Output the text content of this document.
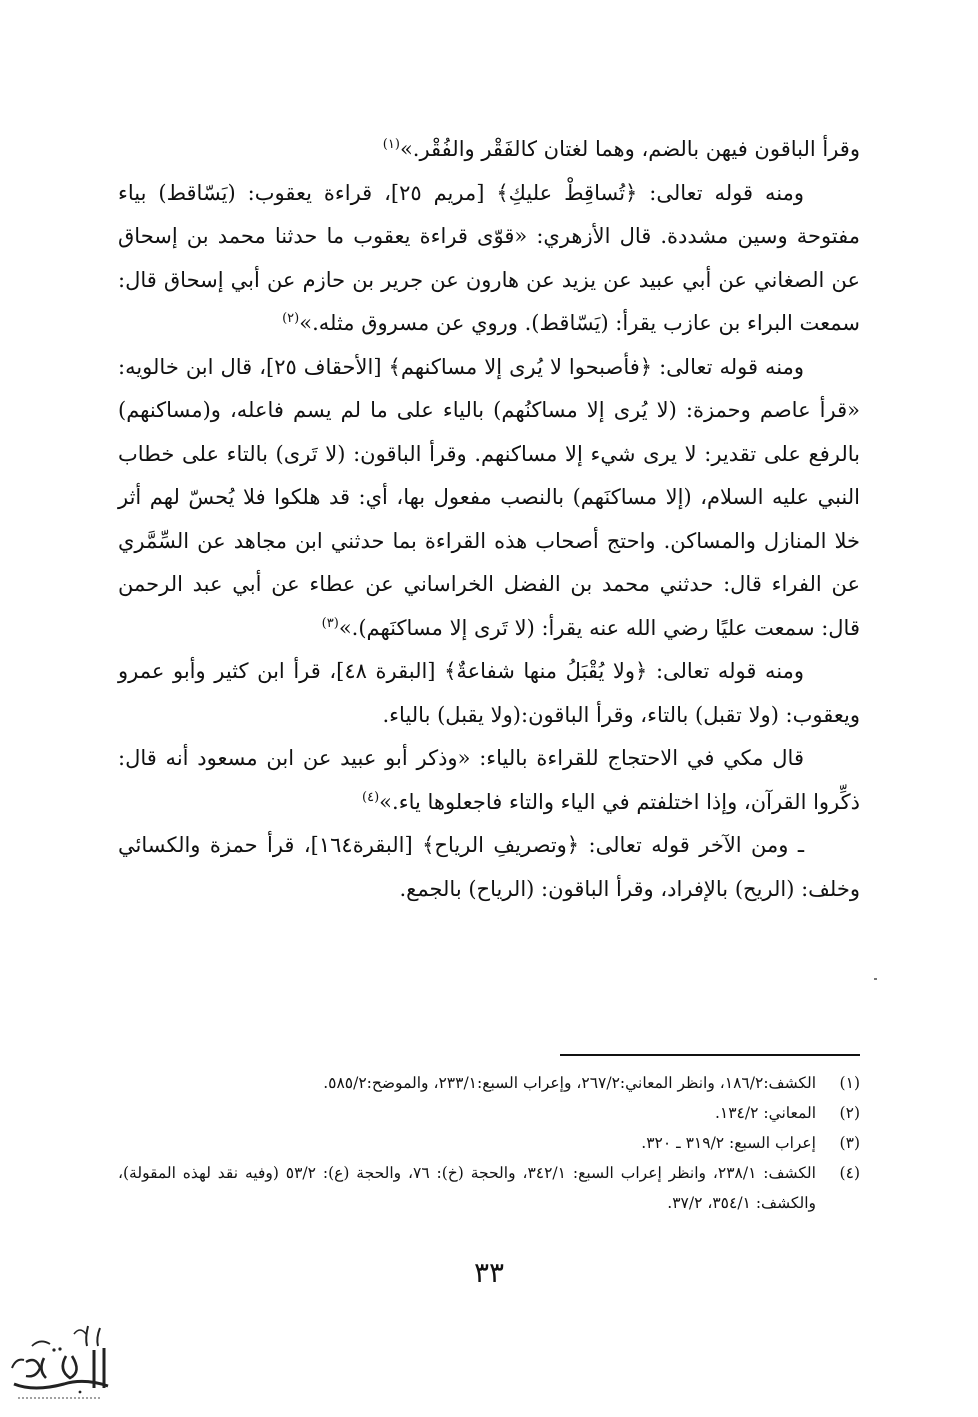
وقرأ الباقون فيهن بالضم، وهما لغتان كالفَقْر والفُقْر.»$^{(١)}$

ومنه قوله تعالى: ﴿تُساقِطْ عليكِ﴾ [مريم ٢٥]، قراءة يعقوب: (يَسّاقط) بياء مفتوحة وسين مشددة. قال الأزهري: «قوّى قراءة يعقوب ما حدثنا محمد بن إسحاق عن الصغاني عن أبي عبيد عن يزيد عن هارون عن جرير بن حازم عن أبي إسحاق قال: سمعت البراء بن عازب يقرأ: (يَسّاقط). وروي عن مسروق مثله.»$^{(٢)}$

ومنه قوله تعالى: ﴿فأصبحوا لا يُرى إلا مساكنهم﴾ [الأحقاف ٢٥]، قال ابن خالويه: «قرأ عاصم وحمزة: (لا يُرى إلا مساكنُهم) بالياء على ما لم يسم فاعله، و(مساكنهم) بالرفع على تقدير: لا يرى شيء إلا مساكنهم. وقرأ الباقون: (لا تَرى) بالتاء على خطاب النبي عليه السلام، (إلا مساكنَهم) بالنصب مفعول بها، أي: قد هلكوا فلا يُحسّ لهم أثر خلا المنازل والمساكن. واحتج أصحاب هذه القراءة بما حدثني ابن مجاهد عن السِّمَّري عن الفراء قال: حدثني محمد بن الفضل الخراساني عن عطاء عن أبي عبد الرحمن قال: سمعت عليًا رضي الله عنه يقرأ: (لا تَرى إلا مساكنَهم).»$^{(٣)}$

ومنه قوله تعالى: ﴿ولا يُقْبَلُ منها شفاعةٌ﴾ [البقرة ٤٨]، قرأ ابن كثير وأبو عمرو ويعقوب: (ولا تقبل) بالتاء، وقرأ الباقون:(ولا يقبل) بالياء.

قال مكي في الاحتجاج للقراءة بالياء: «وذكر أبو عبيد عن ابن مسعود أنه قال: ذكِّروا القرآن، وإذا اختلفتم في الياء والتاء فاجعلوها ياء.»$^{(٤)}$

ـ ومن الآخر قوله تعالى: ﴿وتصريفِ الرياح﴾ [البقرة١٦٤]، قرأ حمزة والكسائي وخلف: (الريح) بالإفراد، وقرأ الباقون: (الرياح) بالجمع.

(١)
الكشف:١٨٦/٢، وانظر المعاني:٢٦٧/٢، وإعراب السبع:٢٣٣/١، والموضح:٥٨٥/٢.
(٢)
المعاني: ١٣٤/٢.
(٣)
إعراب السبع: ٣١٩/٢ ـ ٣٢٠.
(٤)
الكشف: ٢٣٨/١، وانظر إعراب السبع: ٣٤٢/١، والحجة (خ): ٧٦، والحجة (ع): ٥٣/٢ (وفيه نقد لهذه المقولة)، والكشف: ٣٥٤/١، ٣٧/٢.
٣٣
